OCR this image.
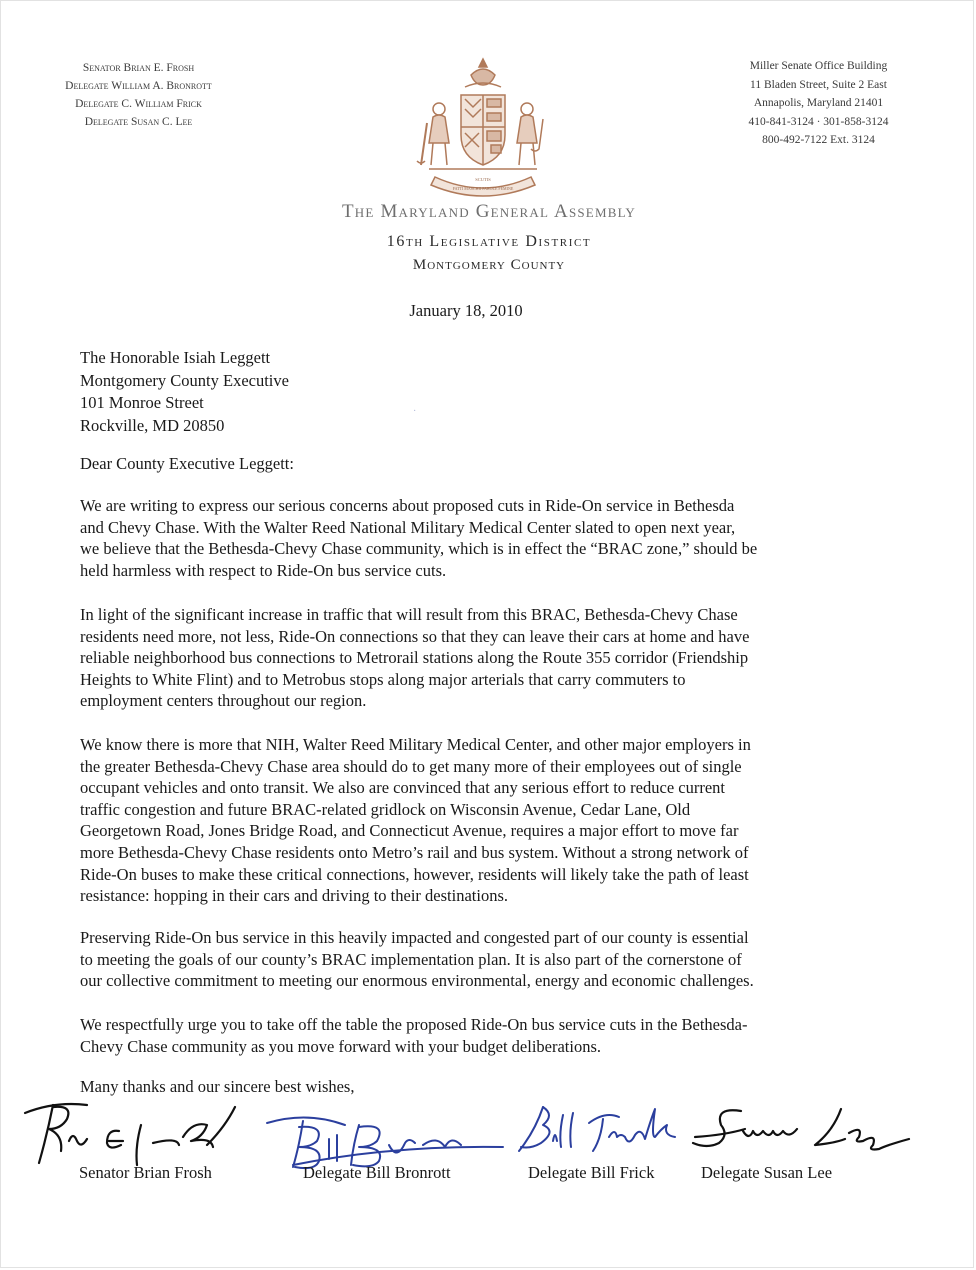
Senator Brian E. Frosh
Delegate William A. Bronrott
Delegate C. William Frick
Delegate Susan C. Lee
SCUTIS
FATTI MASCHII PAROLE FEMINE
Miller Senate Office Building
11 Bladen Street, Suite 2 East
Annapolis, Maryland 21401
410-841-3124 · 301-858-3124
800-492-7122 Ext. 3124
The Maryland General Assembly
16th Legislative District
Montgomery County
January 18, 2010
The Honorable Isiah Leggett
Montgomery County Executive
101 Monroe Street
Rockville, MD 20850
·
Dear County Executive Leggett:
We are writing to express our serious concerns about proposed cuts in Ride-On service in Bethesda
and Chevy Chase. With the Walter Reed National Military Medical Center slated to open next year,
we believe that the Bethesda-Chevy Chase community, which is in effect the “BRAC zone,” should be
held harmless with respect to Ride-On bus service cuts.
In light of the significant increase in traffic that will result from this BRAC, Bethesda-Chevy Chase
residents need more, not less, Ride-On connections so that they can leave their cars at home and have
reliable neighborhood bus connections to Metrorail stations along the Route 355 corridor (Friendship
Heights to White Flint) and to Metrobus stops along major arterials that carry commuters to
employment centers throughout our region.
We know there is more that NIH, Walter Reed Military Medical Center, and other major employers in
the greater Bethesda-Chevy Chase area should do to get many more of their employees out of single
occupant vehicles and onto transit. We also are convinced that any serious effort to reduce current
traffic congestion and future BRAC-related gridlock on Wisconsin Avenue, Cedar Lane, Old
Georgetown Road, Jones Bridge Road, and Connecticut Avenue, requires a major effort to move far
more Bethesda-Chevy Chase residents onto Metro’s rail and bus system. Without a strong network of
Ride-On buses to make these critical connections, however, residents will likely take the path of least
resistance: hopping in their cars and driving to their destinations.
Preserving Ride-On bus service in this heavily impacted and congested part of our county is essential
to meeting the goals of our county’s BRAC implementation plan. It is also part of the cornerstone of
our collective commitment to meeting our enormous environmental, energy and economic challenges.
We respectfully urge you to take off the table the proposed Ride-On bus service cuts in the Bethesda-
Chevy Chase community as you move forward with your budget deliberations.
Many thanks and our sincere best wishes,
Senator Brian Frosh	Delegate Bill Bronrott	Delegate Bill Frick	Delegate Susan Lee
